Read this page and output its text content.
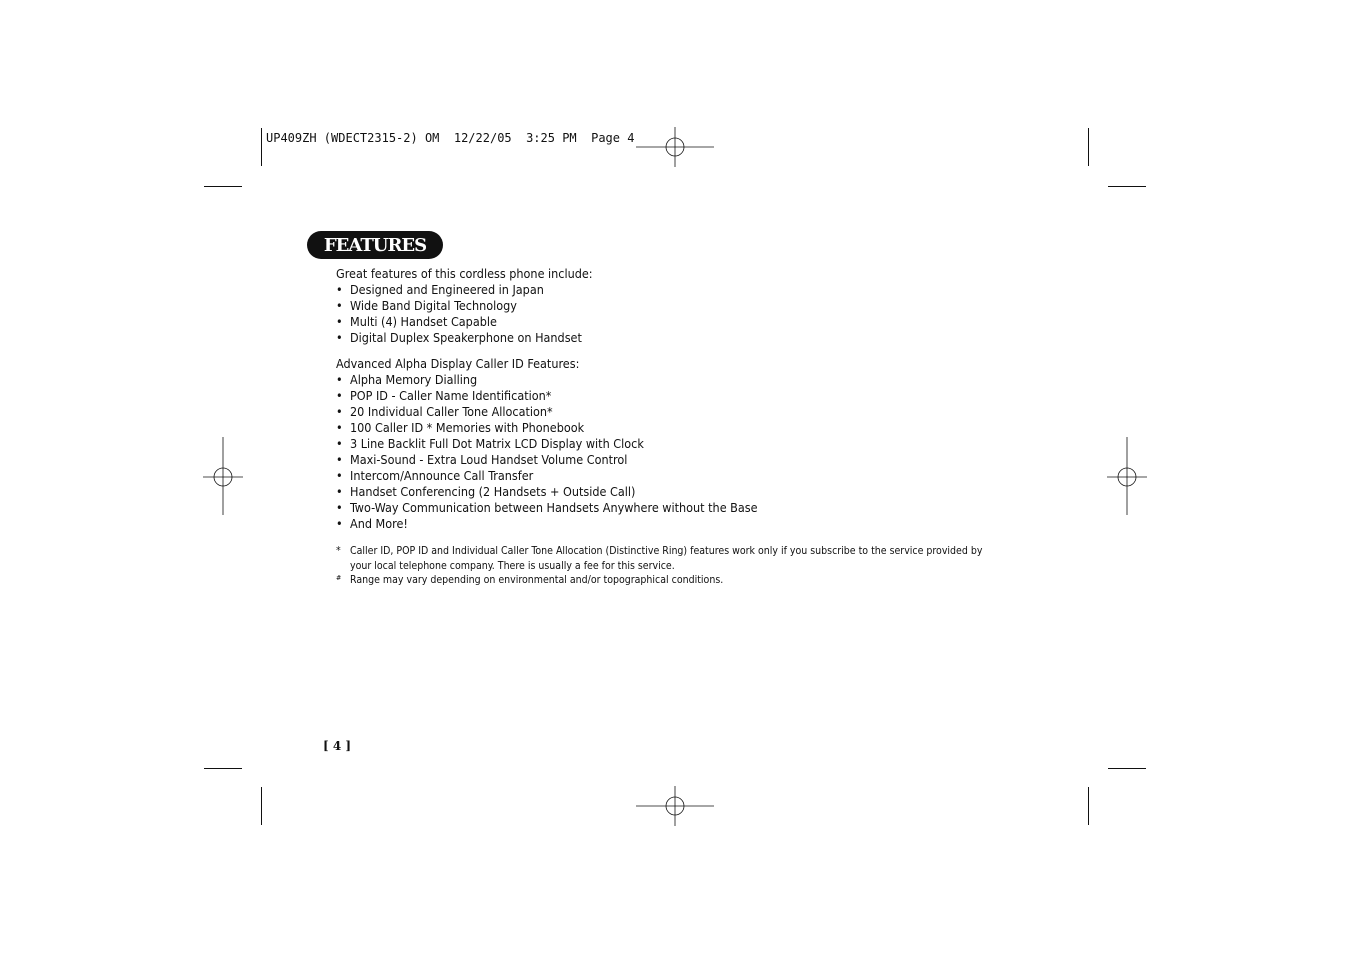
UP409ZH (WDECT2315-2) OM  12/22/05  3:25 PM  Page 4
FEATURES

Great features of this cordless phone include:

• Designed and Engineered in Japan
• Wide Band Digital Technology
• Multi (4) Handset Capable
• Digital Duplex Speakerphone on Handset

Advanced Alpha Display Caller ID Features:

• Alpha Memory Dialling
• POP ID - Caller Name Identification*
• 20 Individual Caller Tone Allocation*
• 100 Caller ID * Memories with Phonebook
• 3 Line Backlit Full Dot Matrix LCD Display with Clock
• Maxi-Sound - Extra Loud Handset Volume Control
• Intercom/Announce Call Transfer
• Handset Conferencing (2 Handsets + Outside Call)
• Two-Way Communication between Handsets Anywhere without the Base
• And More!
* Caller ID, POP ID and Individual Caller Tone Allocation (Distinctive Ring) features work only if you subscribe to the service provided by your local telephone company. There is usually a fee for this service.
# Range may vary depending on environmental and/or topographical conditions.
[ 4 ]
